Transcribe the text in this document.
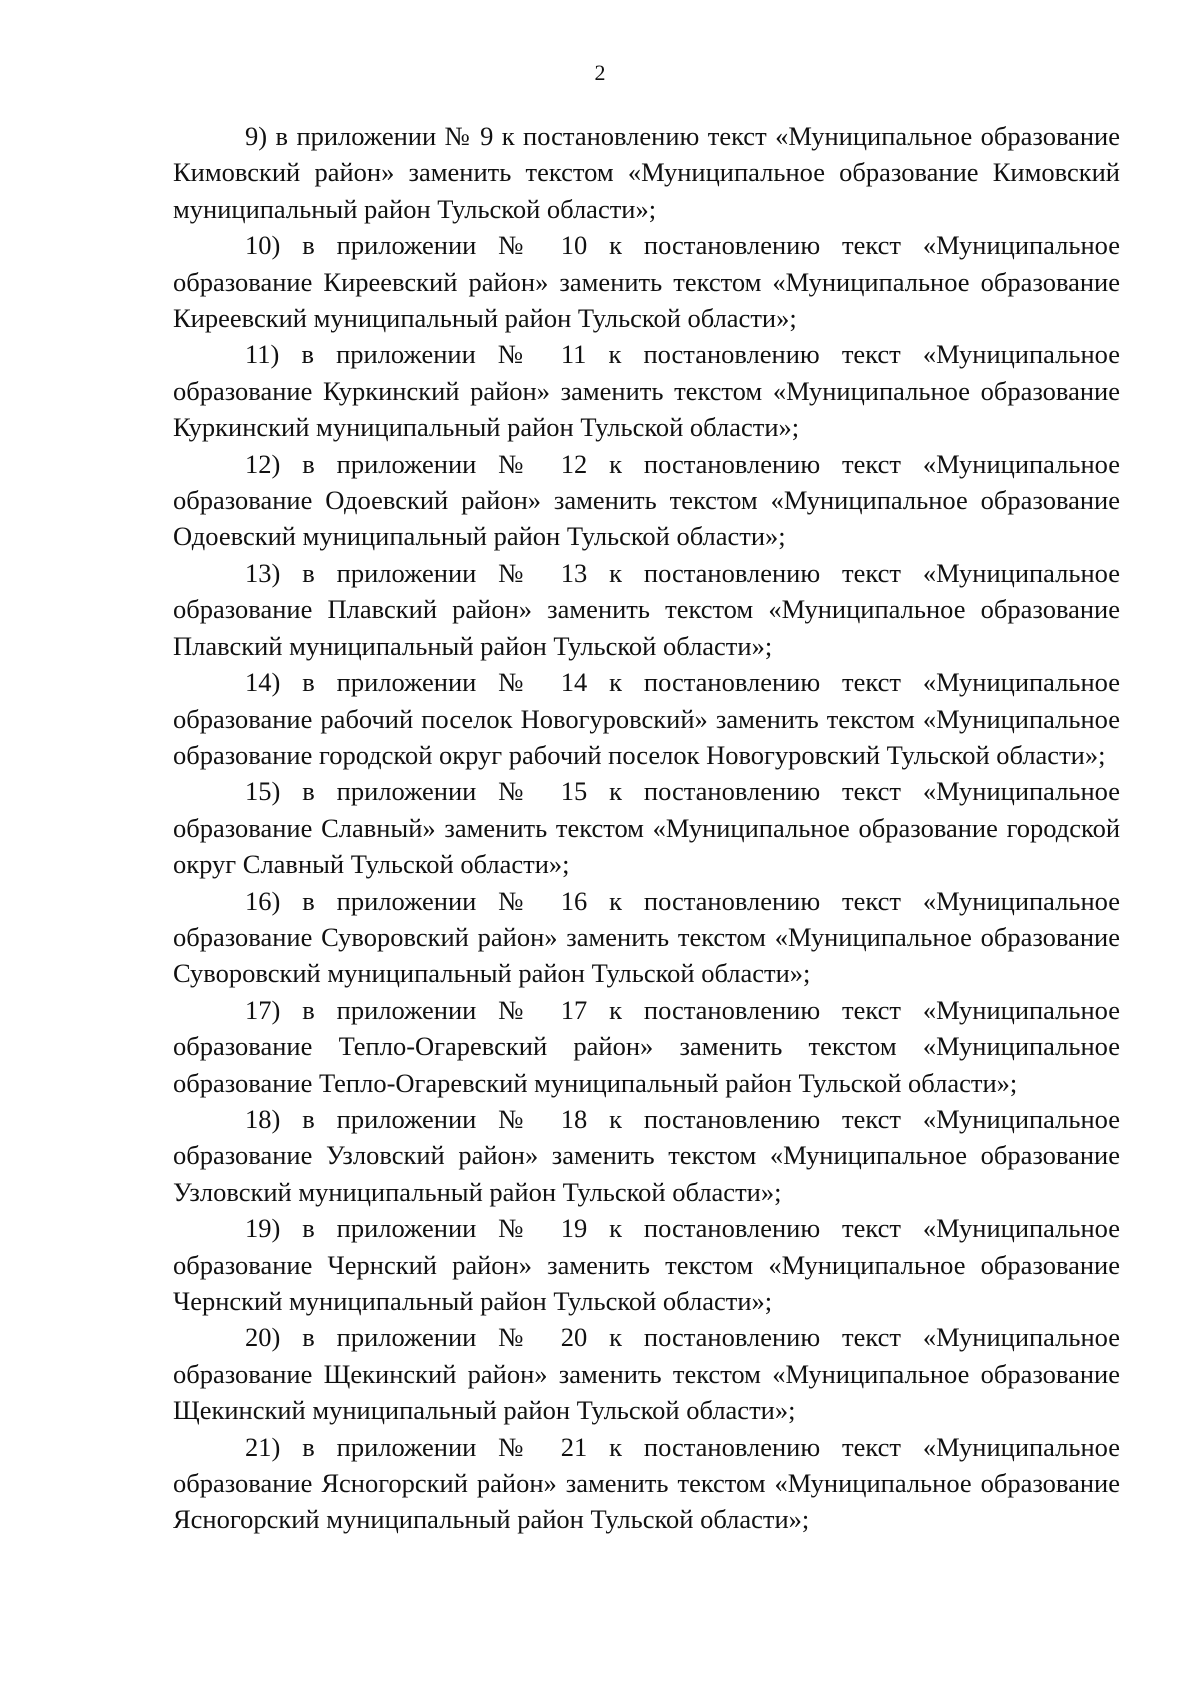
2

9) в приложении № 9 к постановлению текст «Муниципальное образование Кимовский район» заменить текстом «Муниципальное образование Кимовский муниципальный район Тульской области»;

10) в приложении № 10 к постановлению текст «Муниципальное образование Киреевский район» заменить текстом «Муниципальное образование Киреевский муниципальный район Тульской области»;

11) в приложении № 11 к постановлению текст «Муниципальное образование Куркинский район» заменить текстом «Муниципальное образование Куркинский муниципальный район Тульской области»;

12) в приложении № 12 к постановлению текст «Муниципальное образование Одоевский район» заменить текстом «Муниципальное образование Одоевский муниципальный район Тульской области»;

13) в приложении № 13 к постановлению текст «Муниципальное образование Плавский район» заменить текстом «Муниципальное образование Плавский муниципальный район Тульской области»;

14) в приложении № 14 к постановлению текст «Муниципальное образование рабочий поселок Новогуровский» заменить текстом «Муниципальное образование городской округ рабочий поселок Новогуровский Тульской области»;

15) в приложении № 15 к постановлению текст «Муниципальное образование Славный» заменить текстом «Муниципальное образование городской округ Славный Тульской области»;

16) в приложении № 16 к постановлению текст «Муниципальное образование Суворовский район» заменить текстом «Муниципальное образование Суворовский муниципальный район Тульской области»;

17) в приложении № 17 к постановлению текст «Муниципальное образование Тепло-Огаревский район» заменить текстом «Муниципальное образование Тепло-Огаревский муниципальный район Тульской области»;

18) в приложении № 18 к постановлению текст «Муниципальное образование Узловский район» заменить текстом «Муниципальное образование Узловский муниципальный район Тульской области»;

19) в приложении № 19 к постановлению текст «Муниципальное образование Чернский район» заменить текстом «Муниципальное образование Чернский муниципальный район Тульской области»;

20) в приложении № 20 к постановлению текст «Муниципальное образование Щекинский район» заменить текстом «Муниципальное образование Щекинский муниципальный район Тульской области»;

21) в приложении № 21 к постановлению текст «Муниципальное образование Ясногорский район» заменить текстом «Муниципальное образование Ясногорский муниципальный район Тульской области»;
